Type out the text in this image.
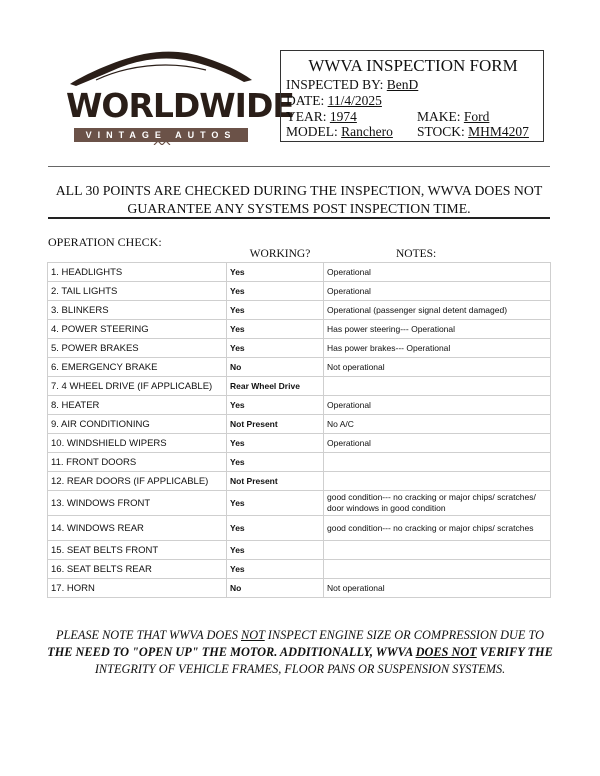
WORLDWIDE
VINTAGE AUTOS
WWVA INSPECTION FORM
INSPECTED BY: BenD
DATE: 11/4/2025
YEAR: 1974	MAKE: Ford
MODEL: Ranchero STOCK: MHM4207
ALL 30 POINTS ARE CHECKED DURING THE INSPECTION, WWVA DOES NOT
GUARANTEE ANY SYSTEMS POST INSPECTION TIME.
OPERATION CHECK:
WORKING?	NOTES:
1. HEADLIGHTS	Yes	Operational
2. TAIL LIGHTS	Yes	Operational
3. BLINKERS	Yes	Operational (passenger signal detent damaged)
4. POWER STEERING	Yes	Has power steering--- Operational
5. POWER BRAKES	Yes	Has power brakes--- Operational
6. EMERGENCY BRAKE	No	Not operational
7. 4 WHEEL DRIVE (IF APPLICABLE)	Rear Wheel Drive	
8. HEATER	Yes	Operational
9. AIR CONDITIONING	Not Present	No A/C
10. WINDSHIELD WIPERS	Yes	Operational
11. FRONT DOORS	Yes	
12. REAR DOORS (IF APPLICABLE)	Not Present	
13. WINDOWS FRONT	Yes	good condition--- no cracking or major chips/ scratches/ door windows in good condition
14. WINDOWS REAR	Yes	good condition--- no cracking or major chips/ scratches
15. SEAT BELTS FRONT	Yes	
16. SEAT BELTS REAR	Yes	
17. HORN	No	Not operational
PLEASE NOTE THAT WWVA DOES NOT INSPECT ENGINE SIZE OR COMPRESSION DUE TO
THE NEED TO "OPEN UP" THE MOTOR. ADDITIONALLY, WWVA DOES NOT VERIFY THE
INTEGRITY OF VEHICLE FRAMES, FLOOR PANS OR SUSPENSION SYSTEMS.
